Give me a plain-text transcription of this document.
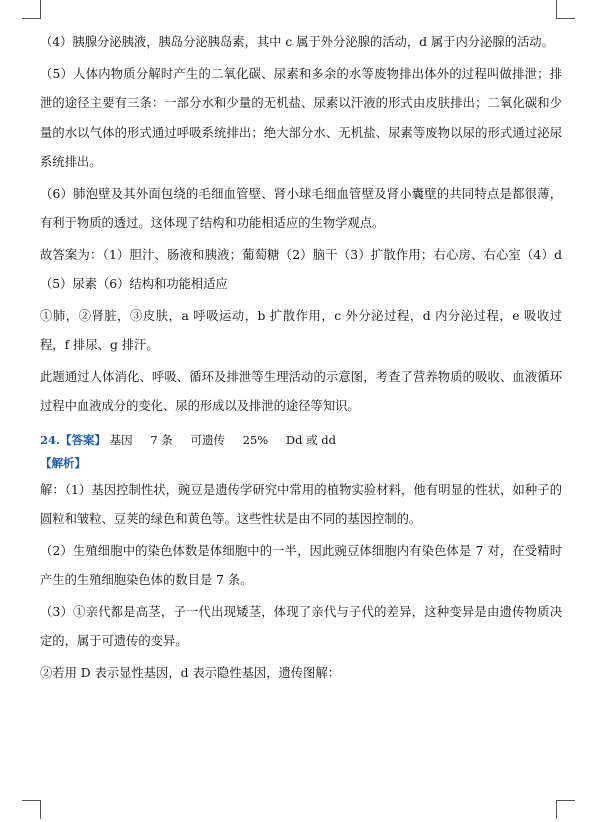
（4）胰腺分泌胰液，胰岛分泌胰岛素，其中 c 属于外分泌腺的活动，d 属于内分泌腺的活动。

（5）人体内物质分解时产生的二氧化碳、尿素和多余的水等废物排出体外的过程叫做排泄；排泄的途径主要有三条：一部分水和少量的无机盐、尿素以汗液的形式由皮肤排出；二氧化碳和少量的水以气体的形式通过呼吸系统排出；绝大部分水、无机盐、尿素等废物以尿的形式通过泌尿系统排出。

（6）肺泡壁及其外面包绕的毛细血管壁、肾小球毛细血管壁及肾小囊壁的共同特点是都很薄，有利于物质的透过。这体现了结构和功能相适应的生物学观点。

故答案为：（1）胆汁、肠液和胰液；葡萄糖（2）脑干（3）扩散作用；右心房、右心室（4）d（5）尿素（6）结构和功能相适应

①肺，②肾脏，③皮肤，a 呼吸运动，b 扩散作用，c 外分泌过程，d 内分泌过程，e 吸收过程，f 排尿、g 排汗。

此题通过人体消化、呼吸、循环及排泄等生理活动的示意图，考查了营养物质的吸收、血液循环过程中血液成分的变化、尿的形成以及排泄的途径等知识。

24.【答案】 基因 7 条 可遗传 25% Dd 或 dd

【解析】

解：（1）基因控制性状，豌豆是遗传学研究中常用的植物实验材料，他有明显的性状，如种子的圆粒和皱粒、豆荚的绿色和黄色等。这些性状是由不同的基因控制的。

（2）生殖细胞中的染色体数是体细胞中的一半，因此豌豆体细胞内有染色体是 7 对，在受精时产生的生殖细胞染色体的数目是 7 条。

（3）①亲代都是高茎，子一代出现矮茎，体现了亲代与子代的差异，这种变异是由遗传物质决定的，属于可遗传的变异。

②若用 D 表示显性基因，d 表示隐性基因，遗传图解：
